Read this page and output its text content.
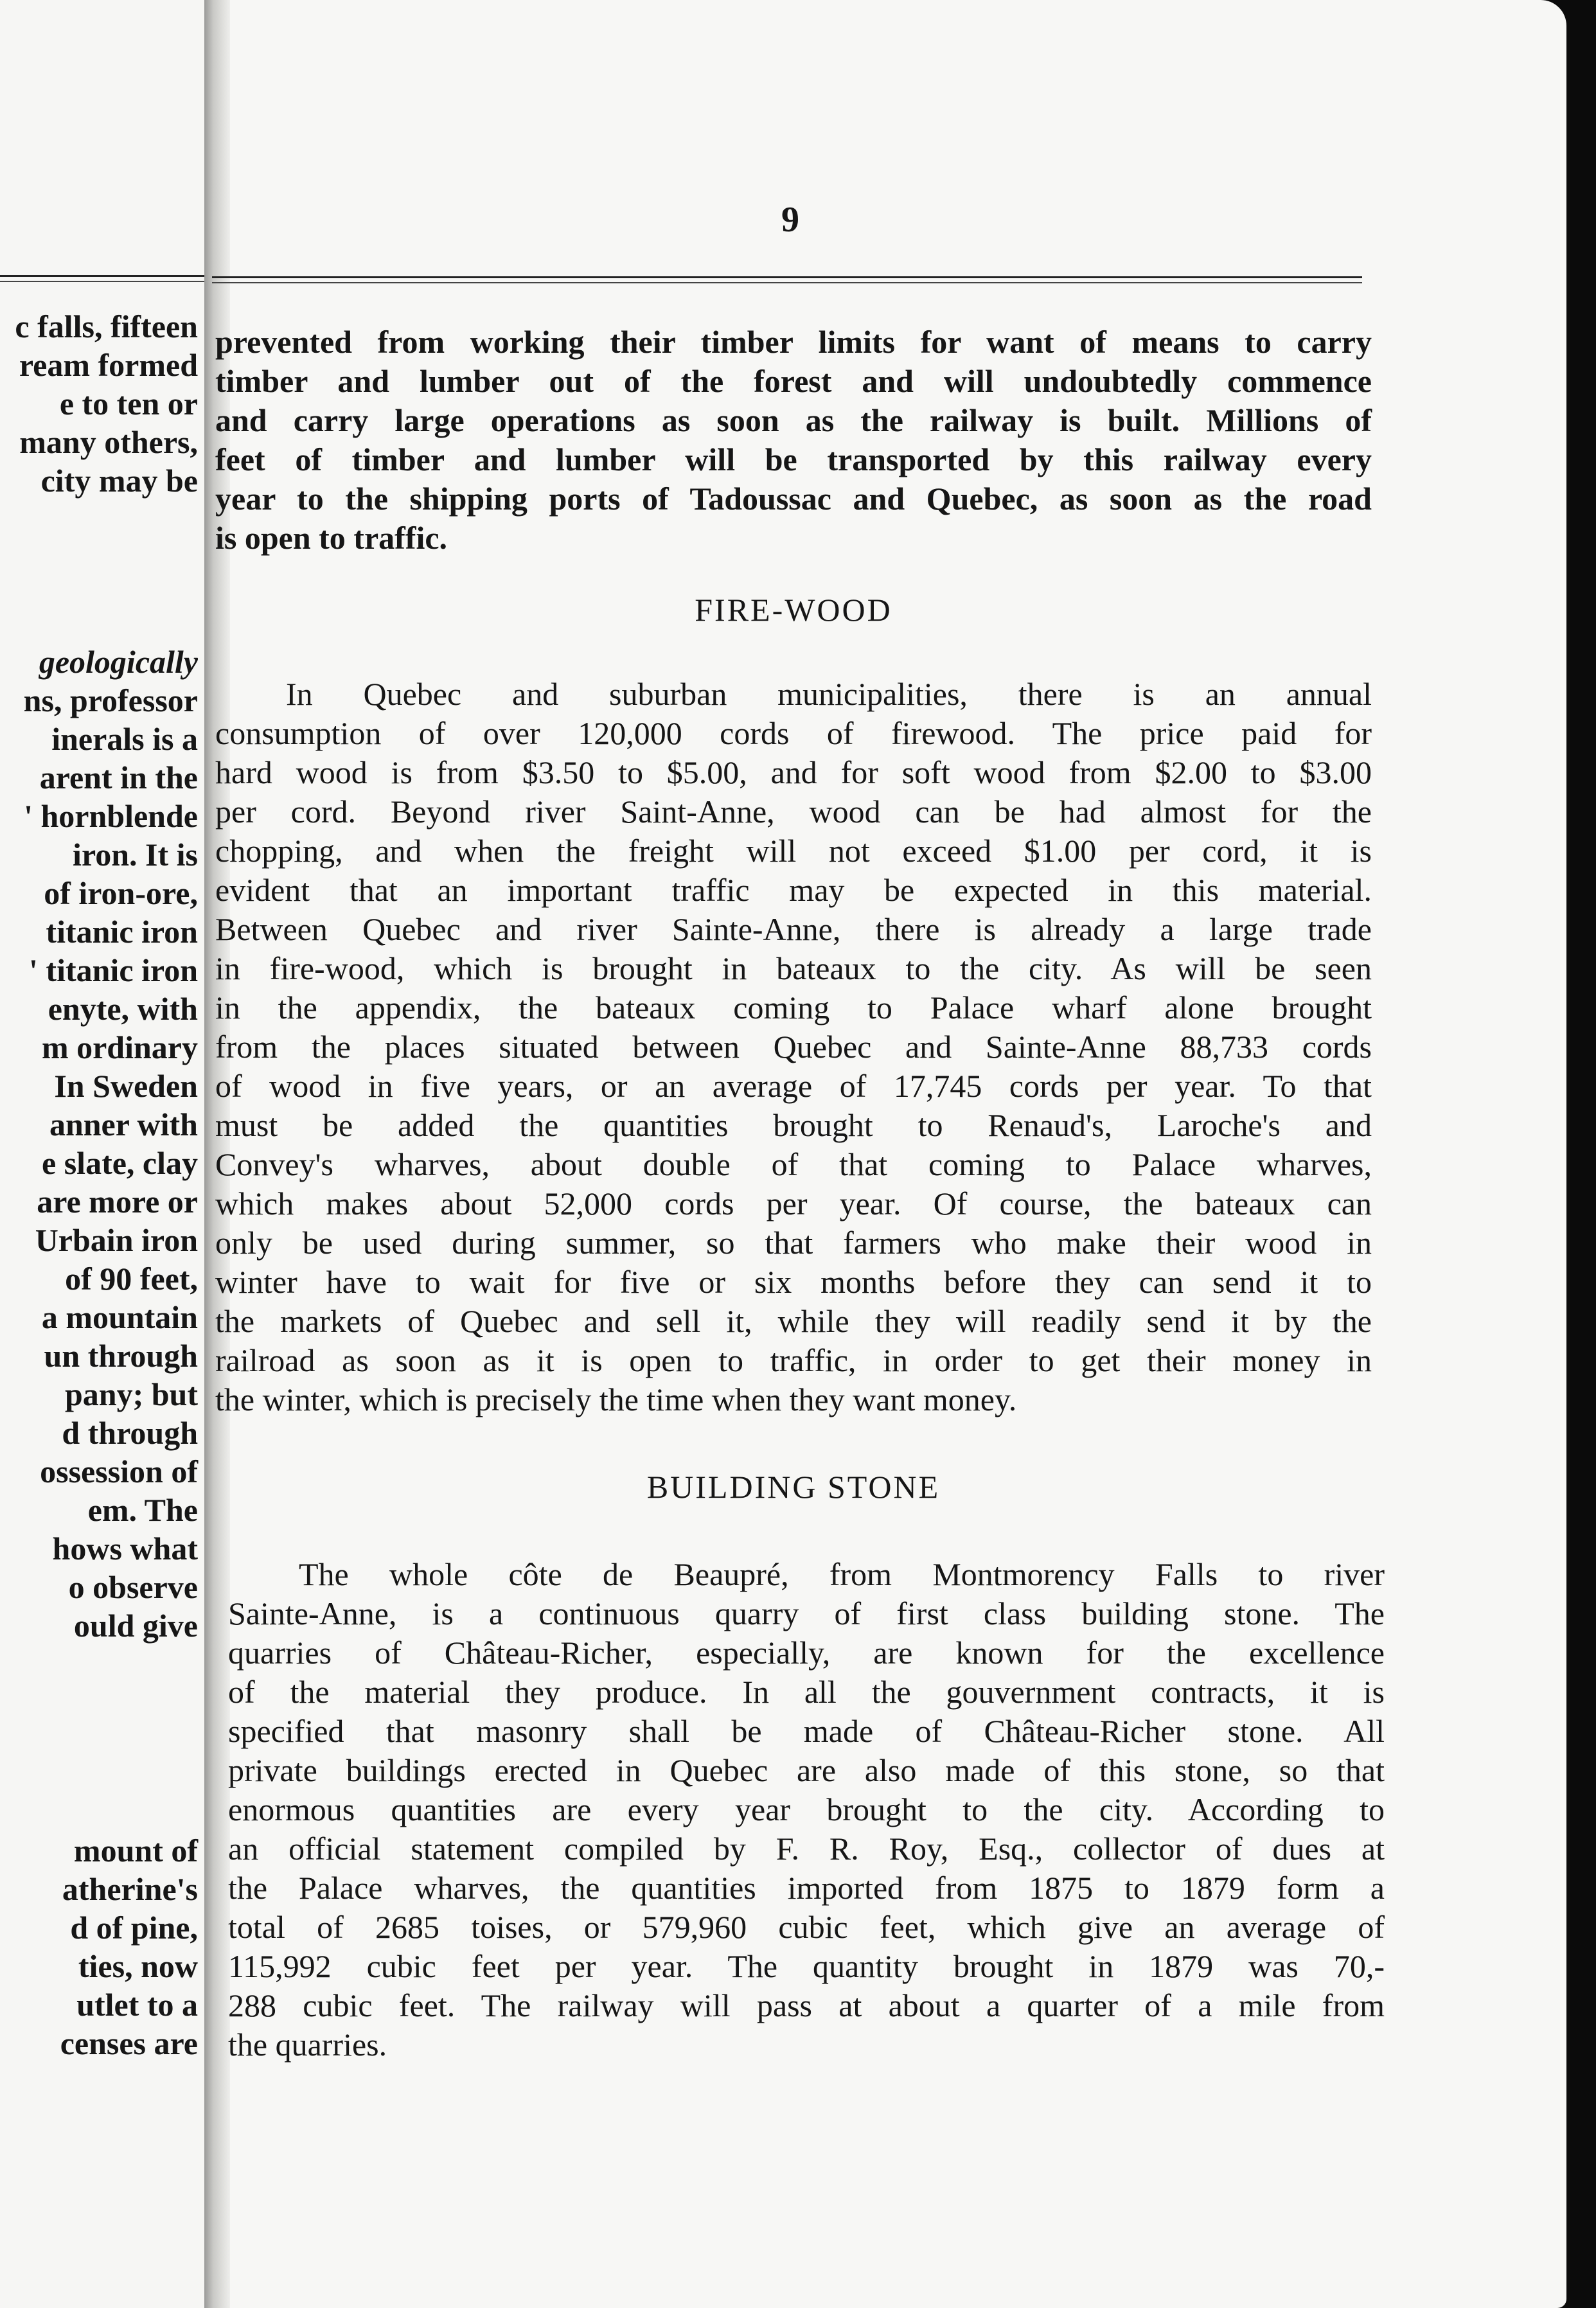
c falls, fifteen
ream formed
e to ten or
many others,
city may be
geologically
ns, professor
inerals is a
arent in the
' hornblende
iron. It is
of iron-ore,
titanic iron
' titanic iron
enyte, with
m ordinary
In Sweden
anner with
e slate, clay
are more or
Urbain iron
of 90 feet,
a mountain
un through
pany; but
d through
ossession of
em. The
hows what
o observe
ould give
mount of
atherine's
d of pine,
ties, now
utlet to a
censes are
9
prevented from working their timber limits for want of means to carry
timber and lumber out of the forest and will undoubtedly commence
and carry large operations as soon as the railway is built. Millions of
feet of timber and lumber will be transported by this railway every
year to the shipping ports of Tadoussac and Quebec, as soon as the road
is open to traffic.
FIRE-WOOD
In Quebec and suburban municipalities, there is an annual
consumption of over 120,000 cords of firewood. The price paid for
hard wood is from $3.50 to $5.00, and for soft wood from $2.00 to $3.00
per cord. Beyond river Saint-Anne, wood can be had almost for the
chopping, and when the freight will not exceed $1.00 per cord, it is
evident that an important traffic may be expected in this material.
Between Quebec and river Sainte-Anne, there is already a large trade
in fire-wood, which is brought in bateaux to the city. As will be seen
in the appendix, the bateaux coming to Palace wharf alone brought
from the places situated between Quebec and Sainte-Anne 88,733 cords
of wood in five years, or an average of 17,745 cords per year. To that
must be added the quantities brought to Renaud's, Laroche's and
Convey's wharves, about double of that coming to Palace wharves,
which makes about 52,000 cords per year. Of course, the bateaux can
only be used during summer, so that farmers who make their wood in
winter have to wait for five or six months before they can send it to
the markets of Quebec and sell it, while they will readily send it by the
railroad as soon as it is open to traffic, in order to get their money in
the winter, which is precisely the time when they want money.
BUILDING STONE
The whole côte de Beaupré, from Montmorency Falls to river
Sainte-Anne, is a continuous quarry of first class building stone. The
quarries of Château-Richer, especially, are known for the excellence
of the material they produce. In all the gouvernment contracts, it is
specified that masonry shall be made of Château-Richer stone. All
private buildings erected in Quebec are also made of this stone, so that
enormous quantities are every year brought to the city. According to
an official statement compiled by F. R. Roy, Esq., collector of dues at
the Palace wharves, the quantities imported from 1875 to 1879 form a
total of 2685 toises, or 579,960 cubic feet, which give an average of
115,992 cubic feet per year. The quantity brought in 1879 was 70,-
288 cubic feet. The railway will pass at about a quarter of a mile from
the quarries.
